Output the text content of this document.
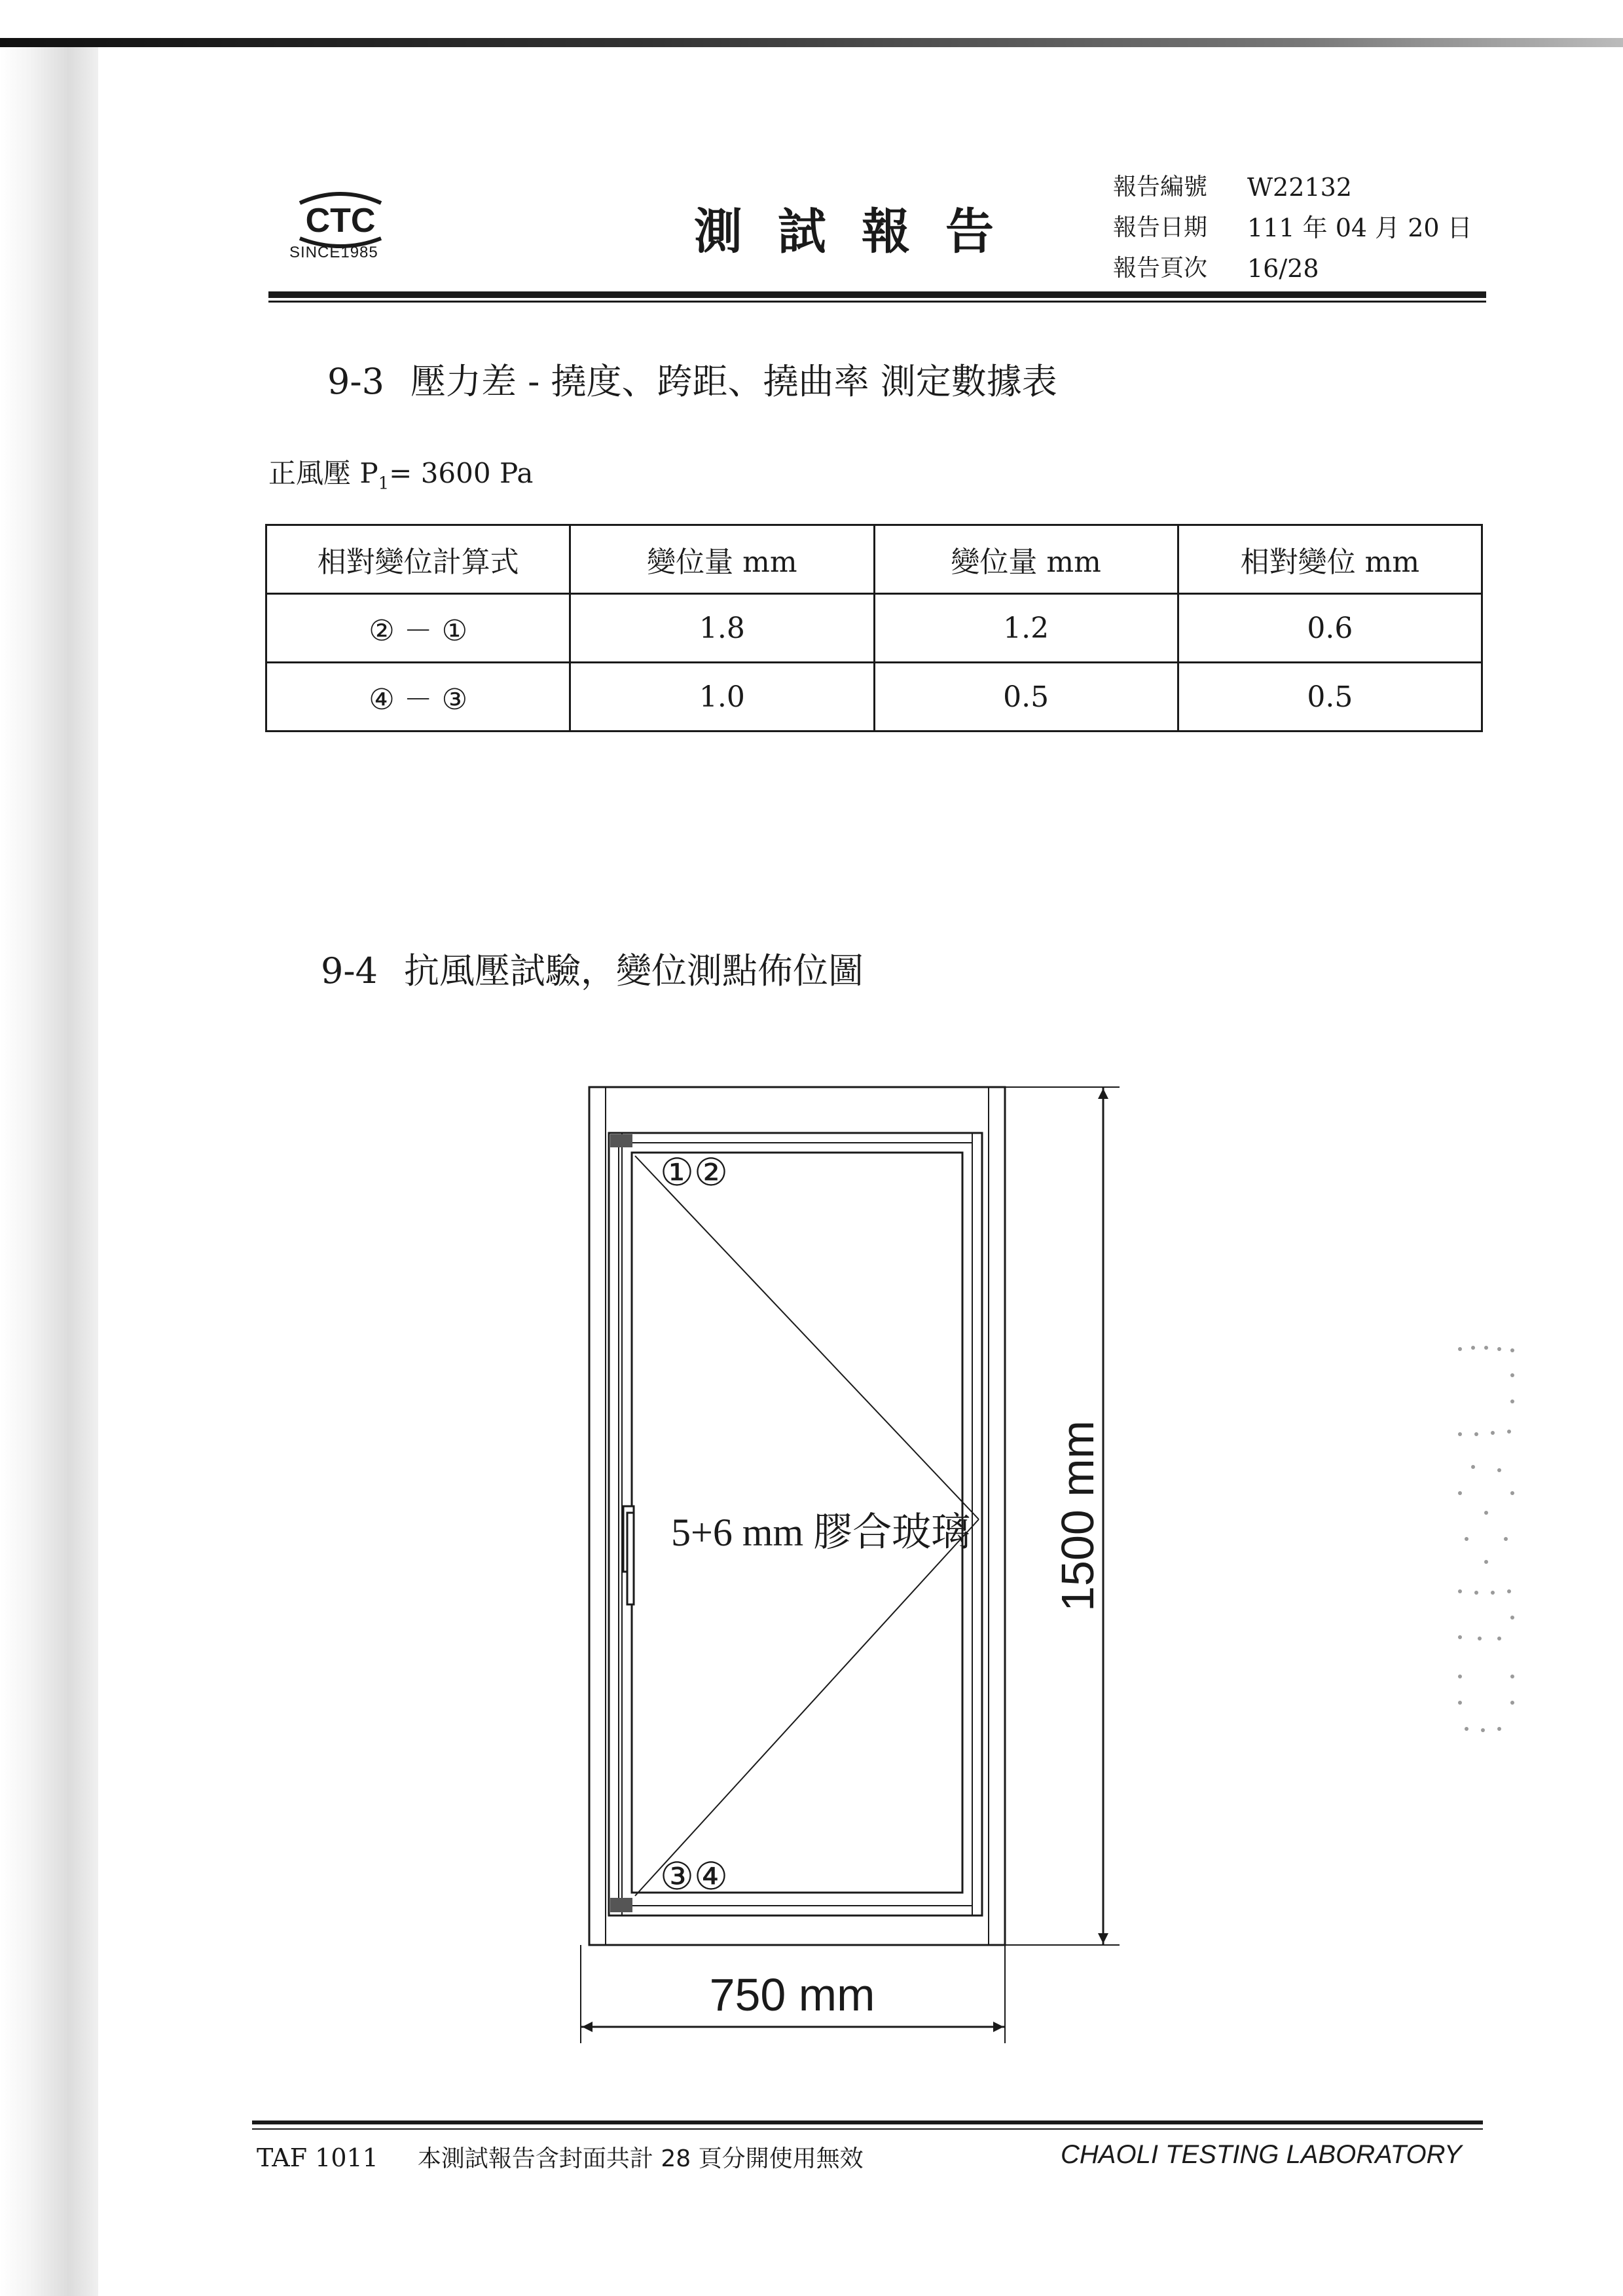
CTC
SINCE1985	測試報告
報告編號	W22132
報告日期	111 年 04 月 20 日
報告頁次	16/28
9-3 壓力差 - 撓度、跨距、撓曲率 測定數據表
正風壓 $P_1= 3600$ Pa
相對變位計算式	變位量 mm	變位量 mm	相對變位 mm
② － ①	1.8	1.2	0.6
④ － ③	1.0	0.5	0.5
9-4 抗風壓試驗，變位測點佈位圖
①②
③④
5+6 mm 膠合玻璃 1500 mm
750 mm
TAF 1011 本測試報告含封面共計 28 頁分開使用無效	CHAOLI TESTING LABORATORY
